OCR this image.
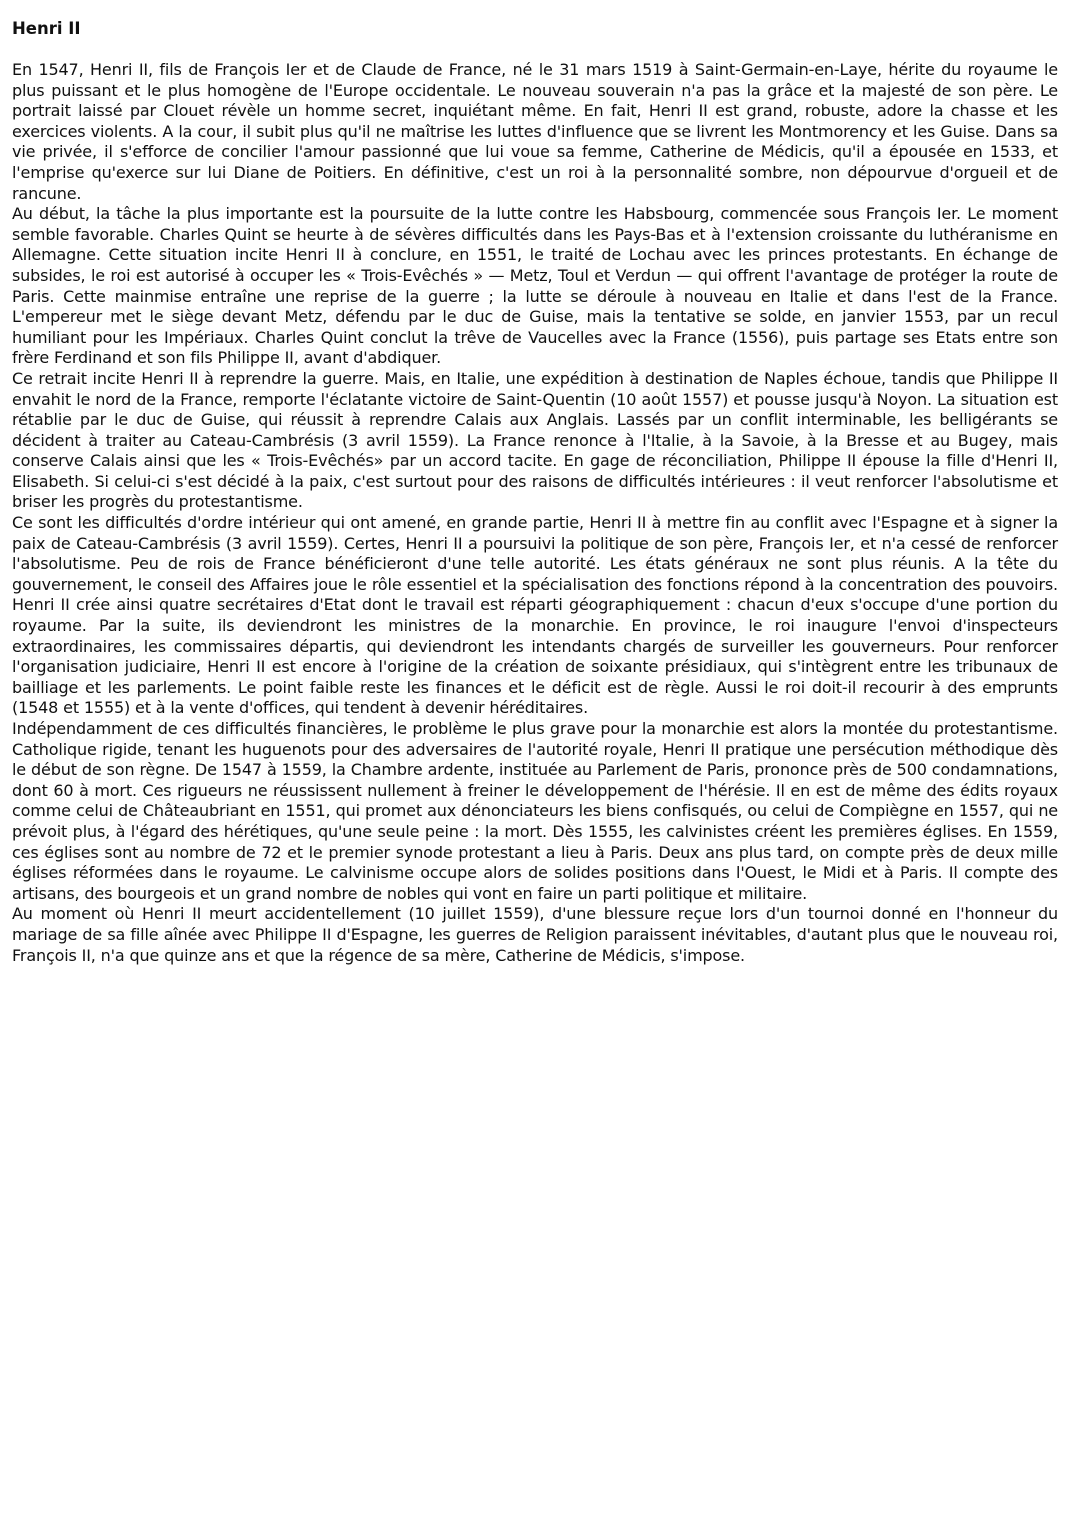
Henri II

En 1547, Henri II, fils de François Ier et de Claude de France, né le 31 mars 1519 à Saint-Germain-en-Laye, hérite du royaume le plus puissant et le plus homogène de l'Europe occidentale. Le nouveau souverain n'a pas la grâce et la majesté de son père. Le portrait laissé par Clouet révèle un homme secret, inquiétant même. En fait, Henri II est grand, robuste, adore la chasse et les exercices violents. A la cour, il subit plus qu'il ne maîtrise les luttes d'influence que se livrent les Montmorency et les Guise. Dans sa vie privée, il s'efforce de concilier l'amour passionné que lui voue sa femme, Catherine de Médicis, qu'il a épousée en 1533, et l'emprise qu'exerce sur lui Diane de Poitiers. En définitive, c'est un roi à la personnalité sombre, non dépourvue d'orgueil et de rancune.

Au début, la tâche la plus importante est la poursuite de la lutte contre les Habsbourg, commencée sous François Ier. Le moment semble favorable. Charles Quint se heurte à de sévères difficultés dans les Pays-Bas et à l'extension croissante du luthéranisme en Allemagne. Cette situation incite Henri II à conclure, en 1551, le traité de Lochau avec les princes protestants. En échange de subsides, le roi est autorisé à occuper les « Trois-Evêchés » — Metz, Toul et Verdun — qui offrent l'avantage de protéger la route de Paris. Cette mainmise entraîne une reprise de la guerre ; la lutte se déroule à nouveau en Italie et dans l'est de la France. L'empereur met le siège devant Metz, défendu par le duc de Guise, mais la tentative se solde, en janvier 1553, par un recul humiliant pour les Impériaux. Charles Quint conclut la trêve de Vaucelles avec la France (1556), puis partage ses Etats entre son frère Ferdinand et son fils Philippe II, avant d'abdiquer.

Ce retrait incite Henri II à reprendre la guerre. Mais, en Italie, une expédition à destination de Naples échoue, tandis que Philippe II envahit le nord de la France, remporte l'éclatante victoire de Saint-Quentin (10 août 1557) et pousse jusqu'à Noyon. La situation est rétablie par le duc de Guise, qui réussit à reprendre Calais aux Anglais. Lassés par un conflit interminable, les belligérants se décident à traiter au Cateau-Cambrésis (3 avril 1559). La France renonce à l'Italie, à la Savoie, à la Bresse et au Bugey, mais conserve Calais ainsi que les « Trois-Evêchés» par un accord tacite. En gage de réconciliation, Philippe II épouse la fille d'Henri II, Elisabeth. Si celui-ci s'est décidé à la paix, c'est surtout pour des raisons de difficultés intérieures : il veut renforcer l'absolutisme et briser les progrès du protestantisme.

Ce sont les difficultés d'ordre intérieur qui ont amené, en grande partie, Henri II à mettre fin au conflit avec l'Espagne et à signer la paix de Cateau-Cambrésis (3 avril 1559). Certes, Henri II a poursuivi la politique de son père, François Ier, et n'a cessé de renforcer l'absolutisme. Peu de rois de France bénéficieront d'une telle autorité. Les états généraux ne sont plus réunis. A la tête du gouvernement, le conseil des Affaires joue le rôle essentiel et la spécialisation des fonctions répond à la concentration des pouvoirs. Henri II crée ainsi quatre secrétaires d'Etat dont le travail est réparti géographiquement : chacun d'eux s'occupe d'une portion du royaume. Par la suite, ils deviendront les ministres de la monarchie. En province, le roi inaugure l'envoi d'inspecteurs extraordinaires, les commissaires départis, qui deviendront les intendants chargés de surveiller les gouverneurs. Pour renforcer l'organisation judiciaire, Henri II est encore à l'origine de la création de soixante présidiaux, qui s'intègrent entre les tribunaux de bailliage et les parlements. Le point faible reste les finances et le déficit est de règle. Aussi le roi doit-il recourir à des emprunts (1548 et 1555) et à la vente d'offices, qui tendent à devenir héréditaires.

Indépendamment de ces difficultés financières, le problème le plus grave pour la monarchie est alors la montée du protestantisme. Catholique rigide, tenant les huguenots pour des adversaires de l'autorité royale, Henri II pratique une persécution méthodique dès le début de son règne. De 1547 à 1559, la Chambre ardente, instituée au Parlement de Paris, prononce près de 500 condamnations, dont 60 à mort. Ces rigueurs ne réussissent nullement à freiner le développement de l'hérésie. Il en est de même des édits royaux comme celui de Châteaubriant en 1551, qui promet aux dénonciateurs les biens confisqués, ou celui de Compiègne en 1557, qui ne prévoit plus, à l'égard des hérétiques, qu'une seule peine : la mort. Dès 1555, les calvinistes créent les premières églises. En 1559, ces églises sont au nombre de 72 et le premier synode protestant a lieu à Paris. Deux ans plus tard, on compte près de deux mille églises réformées dans le royaume. Le calvinisme occupe alors de solides positions dans l'Ouest, le Midi et à Paris. Il compte des artisans, des bourgeois et un grand nombre de nobles qui vont en faire un parti politique et militaire.

Au moment où Henri II meurt accidentellement (10 juillet 1559), d'une blessure reçue lors d'un tournoi donné en l'honneur du mariage de sa fille aînée avec Philippe II d'Espagne, les guerres de Religion paraissent inévitables, d'autant plus que le nouveau roi, François II, n'a que quinze ans et que la régence de sa mère, Catherine de Médicis, s'impose.
